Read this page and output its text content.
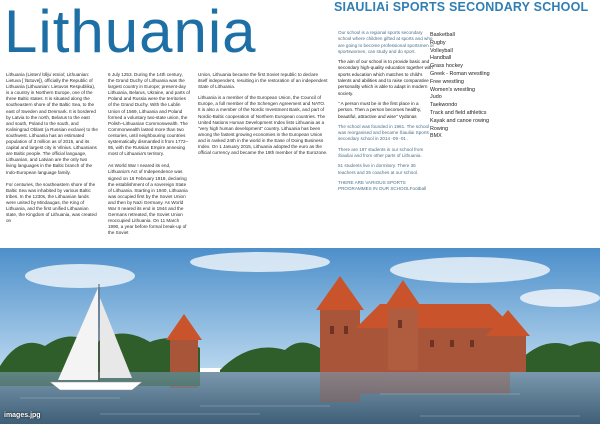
Lithuania	SIAULIAi SPORTS SECONDARY SCHOOL

Lithuania (Listen/ lɪθjuˈeɪniə/; Lithuanian: Lietuva [ˈlʲɪɛtʊvɐ]), officially the Republic of Lithuania (Lithuanian: Lietuvos Respublika), is a country in Northern Europe, one of the three Baltic states. It is situated along the southeastern shore of the Baltic Sea, to the east of Sweden and Denmark. It is bordered by Latvia to the north, Belarus to the east and south, Poland to the south, and Kaliningrad Oblast (a Russian exclave) to the southwest. Lithuania has an estimated population of 3 million as of 2015, and its capital and largest city is Vilnius. Lithuanians are Baltic people. The official language, Lithuanian, and Latvian are the only two living languages in the Baltic branch of the Indo-European language family.

For centuries, the southeastern shore of the Baltic Sea was inhabited by various Baltic tribes. In the 1230s, the Lithuanian lands were united by Mindaugas, the King of Lithuania, and the first unified Lithuanian state, the Kingdom of Lithuania, was created on

6 July 1253. During the 14th century, the Grand Duchy of Lithuania was the largest country in Europe; present-day Lithuania, Belarus, Ukraine, and parts of Poland and Russia were the territories of the Grand Duchy. With the Lublin Union of 1569, Lithuania and Poland formed a voluntary two-state union, the Polish–Lithuanian Commonwealth. The Commonwealth lasted more than two centuries, until neighbouring countries systematically dismantled it from 1772–95, with the Russian Empire annexing most of Lithuania's territory.

As World War I neared its end, Lithuania's Act of Independence was signed on 16 February 1918, declaring the establishment of a sovereign State of Lithuania. Starting in 1940, Lithuania was occupied first by the Soviet Union and then by Nazi Germany. As World War II neared its end in 1944 and the Germans retreated, the Soviet Union reoccupied Lithuania. On 11 March 1990, a year before formal break-up of the Soviet

Union, Lithuania became the first Soviet republic to declare itself independent, resulting in the restoration of an independent State of Lithuania.

Lithuania is a member of the European Union, the Council of Europe, a full member of the Schengen Agreement and NATO. It is also a member of the Nordic Investment Bank, and part of Nordic-Baltic cooperation of Northern European countries. The United Nations Human Development Index lists Lithuania as a "very high human development" country. Lithuania has been among the fastest growing economies in the European Union and is ranked 24th in the world in the Ease of Doing Business Index. On 1 January 2015, Lithuania adopted the euro as the official currency and became the 19th member of the Eurozone.

Our school is a regional sports secondary school where children gifted at sports and who are going to become professional sportsmen or sportswomen, can study and do sport.

The aim of our school is to provide basic and secondary high-quality education together with sports education which matches to child's talents and abilities and to raise comparative personality which is able to adapt in modern society.

" A person must be in the first place in a person. Then a person becomes healthy, beautiful, attractive and wise" Vydūnas

The school was founded in 1961. The school was reorganised and became Šiauliai Sports secondary school in 2014 -09 -01 .

There are 197 students in our school from Šiauliai and from other parts of Lithuania.

51 students live in dormitory. There 36 teachers and 25 coaches at our school.

THERE ARE VARIOUS SPORTS PROGRAMMES IN OUR SCHOOLFootball

Basketball
Rugby
Volleyball
Handball
Grass hockey
Greek - Roman wrestling
Free wrestling
Women's wrestling
Judo
Taekwondo
Track and field athletics
Kayak and canoe rowing
Rowing
BMX
images.jpg
